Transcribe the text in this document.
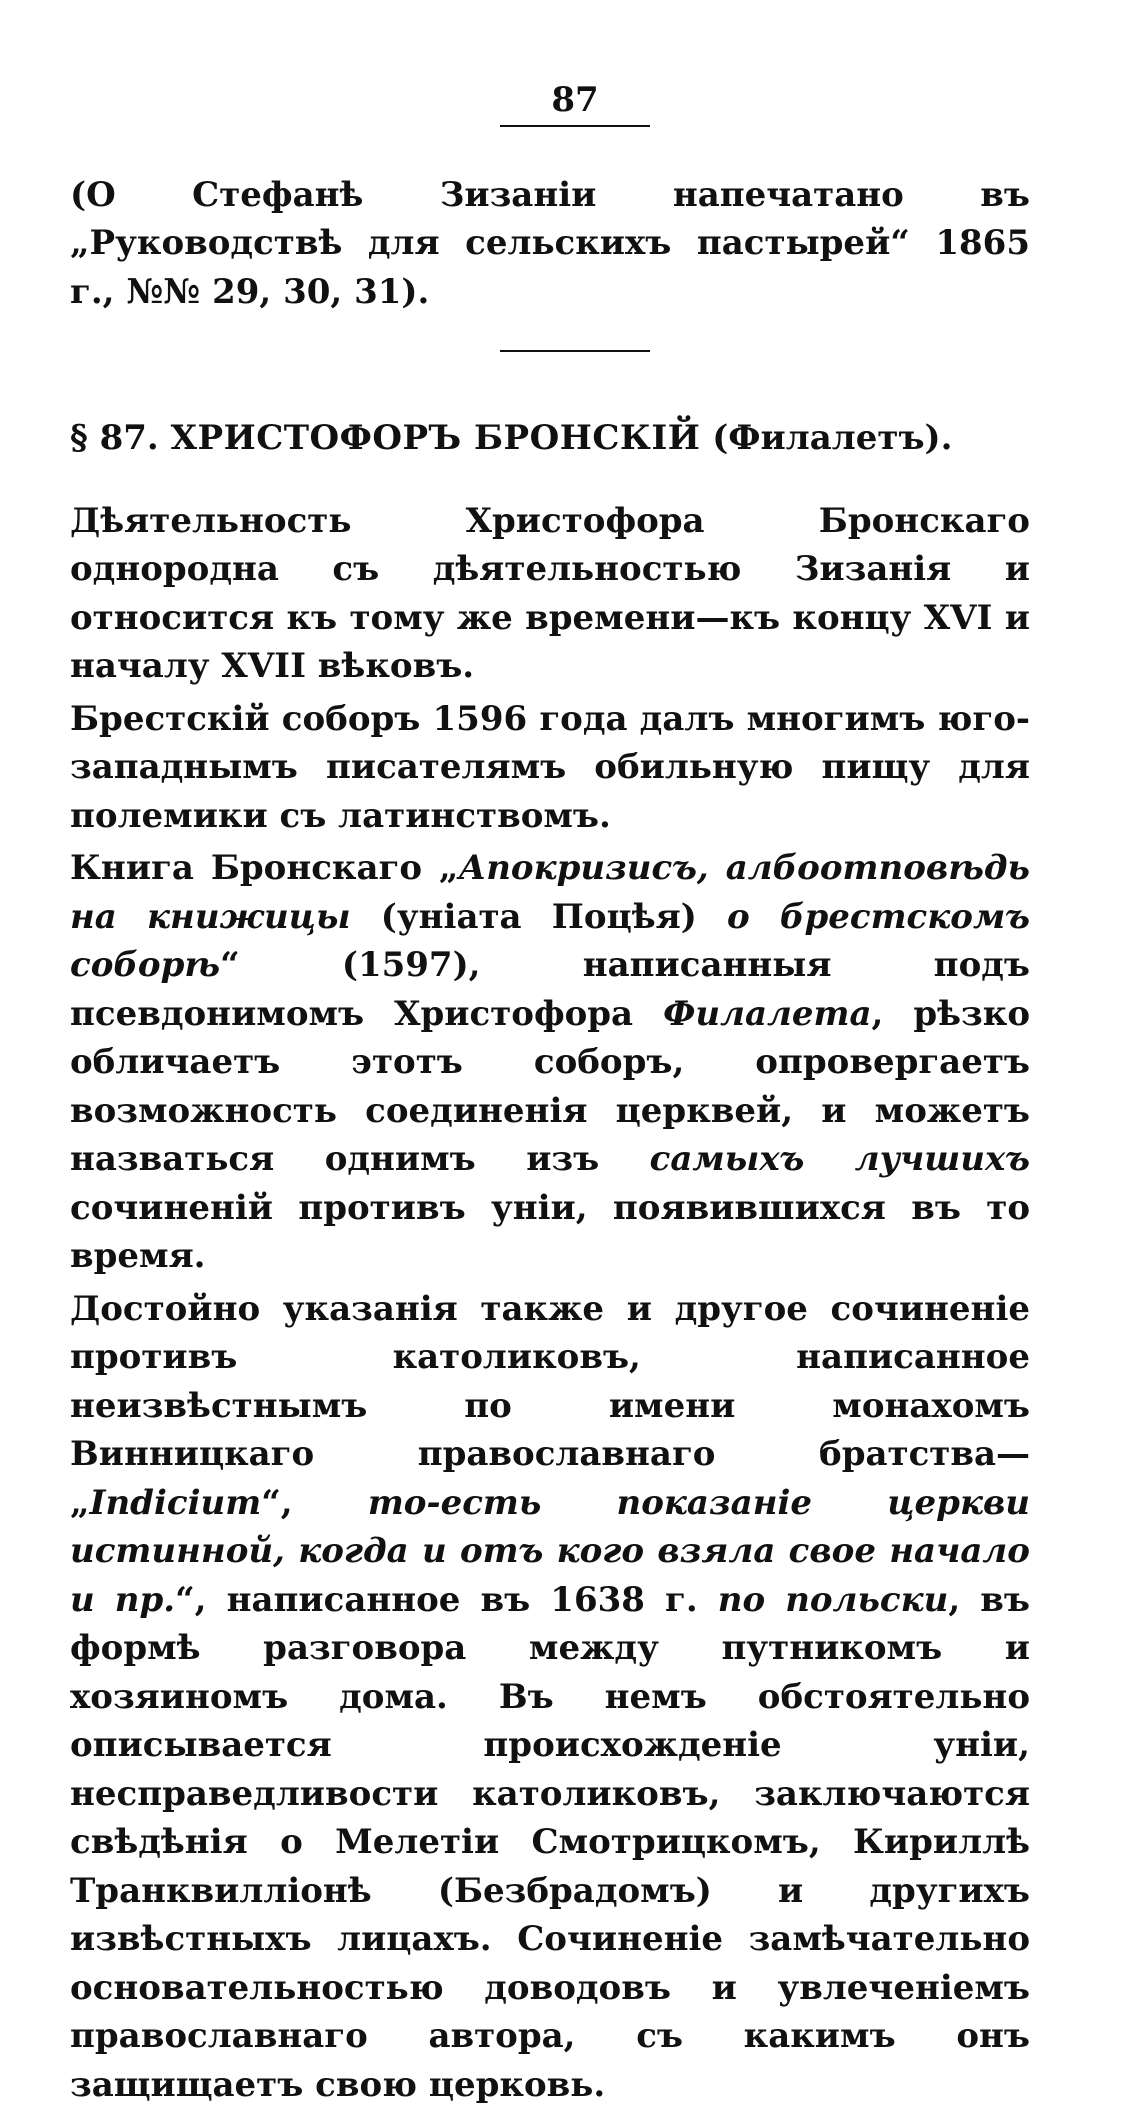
87

(О Стефанѣ Зизаніи напечатано въ „Руководствѣ для сельскихъ пастырей“ 1865 г., №№ 29, 30, 31).

§ 87. ХРИСТОФОРЪ БРОНСКІЙ (Филалетъ).

Дѣятельность Христофора Бронскаго однородна съ дѣятельностью Зизанія и относится къ тому же времени—къ концу XVI и началу XVII вѣковъ.

Брестскій соборъ 1596 года далъ многимъ юго-западнымъ писателямъ обильную пищу для полемики съ латинствомъ.

Книга Бронскаго „Апокризисъ, албоотповѣдь на книжицы (уніата Поцѣя) о брестскомъ соборѣ“ (1597), написанныя подъ псевдонимомъ Христофора Филалета, рѣзко обличаетъ этотъ соборъ, опровергаетъ возможность соединенія церквей, и можетъ назваться однимъ изъ самыхъ лучшихъ сочиненій противъ уніи, появившихся въ то время.

Достойно указанія также и другое сочиненіе противъ католиковъ, написанное неизвѣстнымъ по имени монахомъ Винницкаго православнаго братства—„Indicium“, то-есть показаніе церкви истинной, когда и отъ кого взяла свое начало и пр.“, написанное въ 1638 г. по польски, въ формѣ разговора между путникомъ и хозяиномъ дома. Въ немъ обстоятельно описывается происхожденіе уніи, несправедливости католиковъ, заключаются свѣдѣнія о Мелетіи Смотрицкомъ, Кириллѣ Транквилліонѣ (Безбрадомъ) и другихъ извѣстныхъ лицахъ. Сочиненіе замѣчательно основательностью доводовъ и увлеченіемъ православнаго автора, съ какимъ онъ защищаетъ свою церковь.
